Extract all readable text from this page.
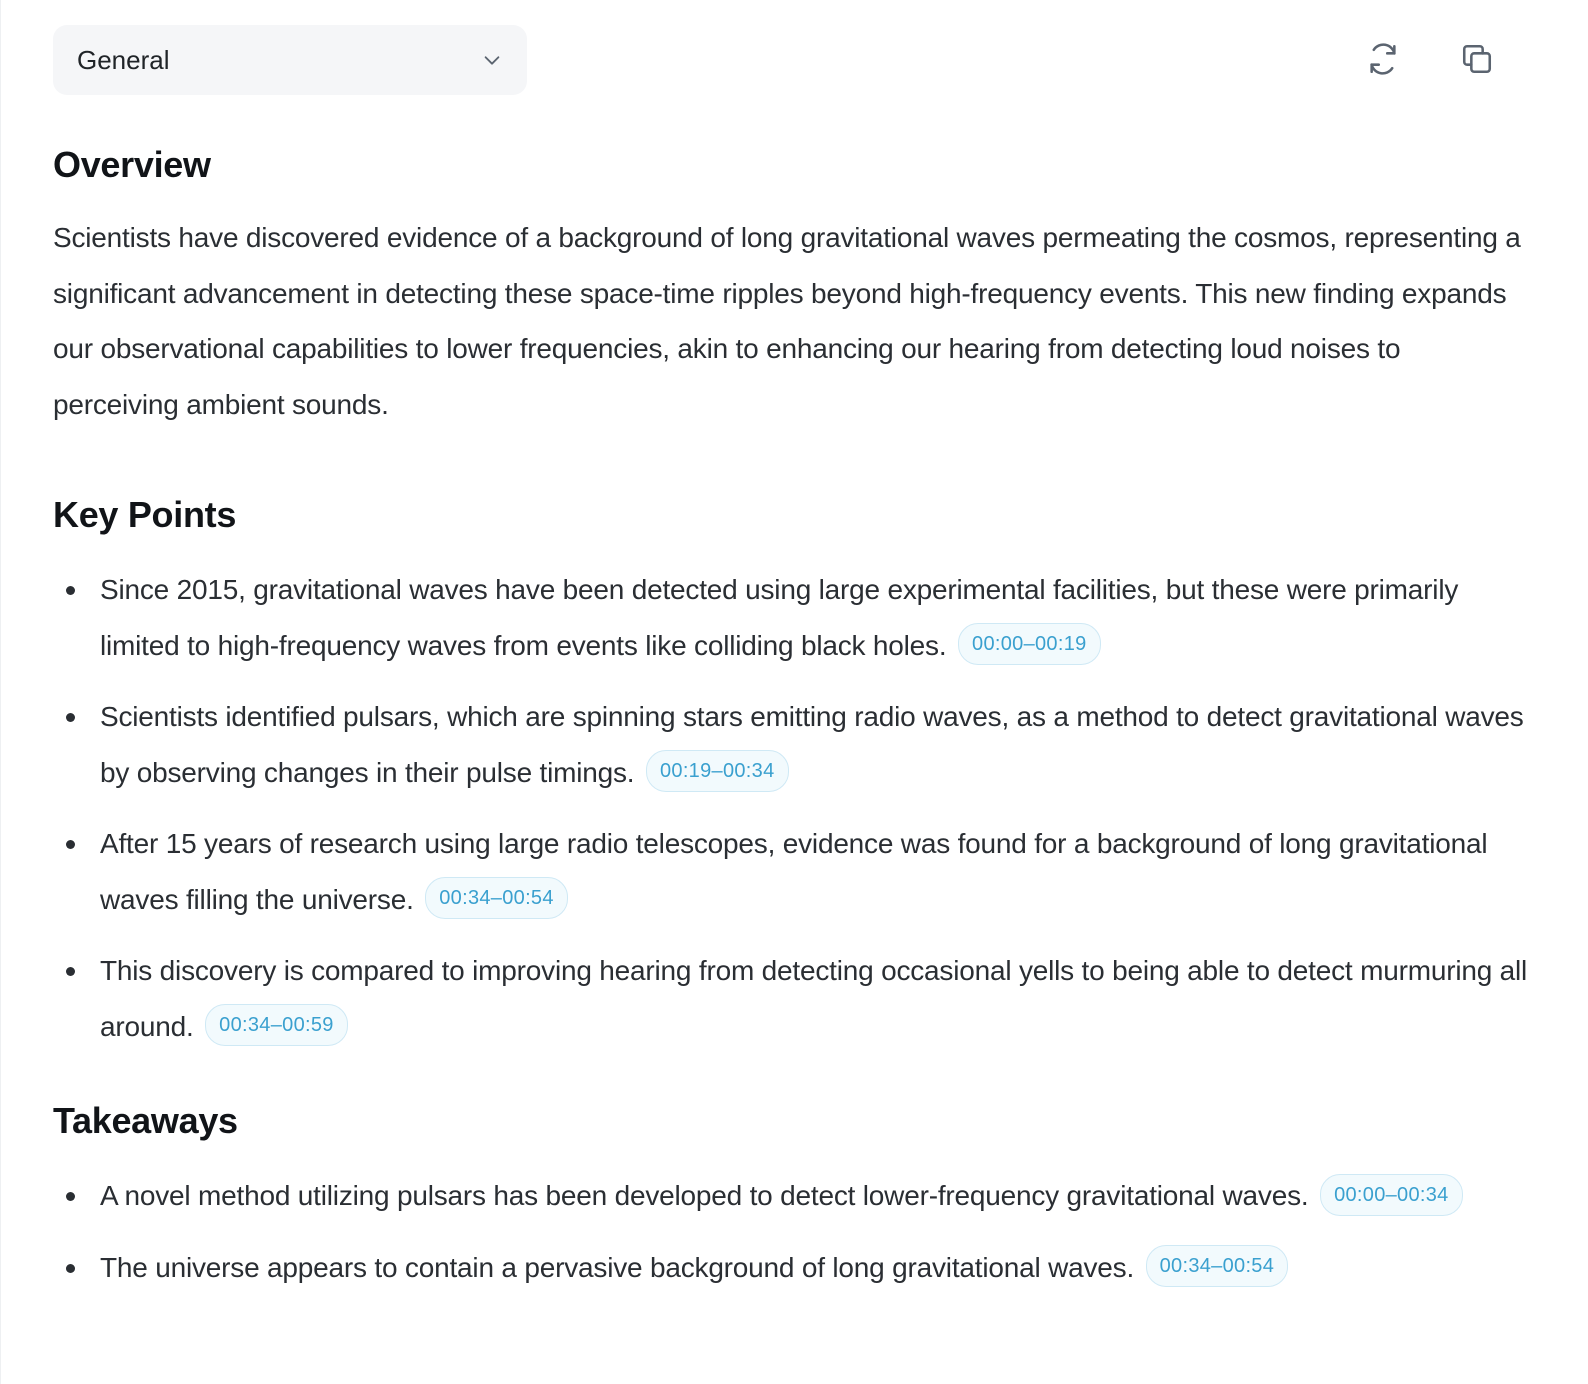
General
Overview

Scientists have discovered evidence of a background of long gravitational waves permeating the cosmos, representing a significant advancement in detecting these space-time ripples beyond high-frequency events. This new finding expands our observational capabilities to lower frequencies, akin to enhancing our hearing from detecting loud noises to perceiving ambient sounds.

Key Points
Since 2015, gravitational waves have been detected using large experimental facilities, but these were primarily limited to high-frequency waves from events like colliding black holes. 00:00–00:19
Scientists identified pulsars, which are spinning stars emitting radio waves, as a method to detect gravitational waves by observing changes in their pulse timings. 00:19–00:34
After 15 years of research using large radio telescopes, evidence was found for a background of long gravitational waves filling the universe. 00:34–00:54
This discovery is compared to improving hearing from detecting occasional yells to being able to detect murmuring all around. 00:34–00:59
Takeaways
A novel method utilizing pulsars has been developed to detect lower-frequency gravitational waves. 00:00–00:34
The universe appears to contain a pervasive background of long gravitational waves. 00:34–00:54
